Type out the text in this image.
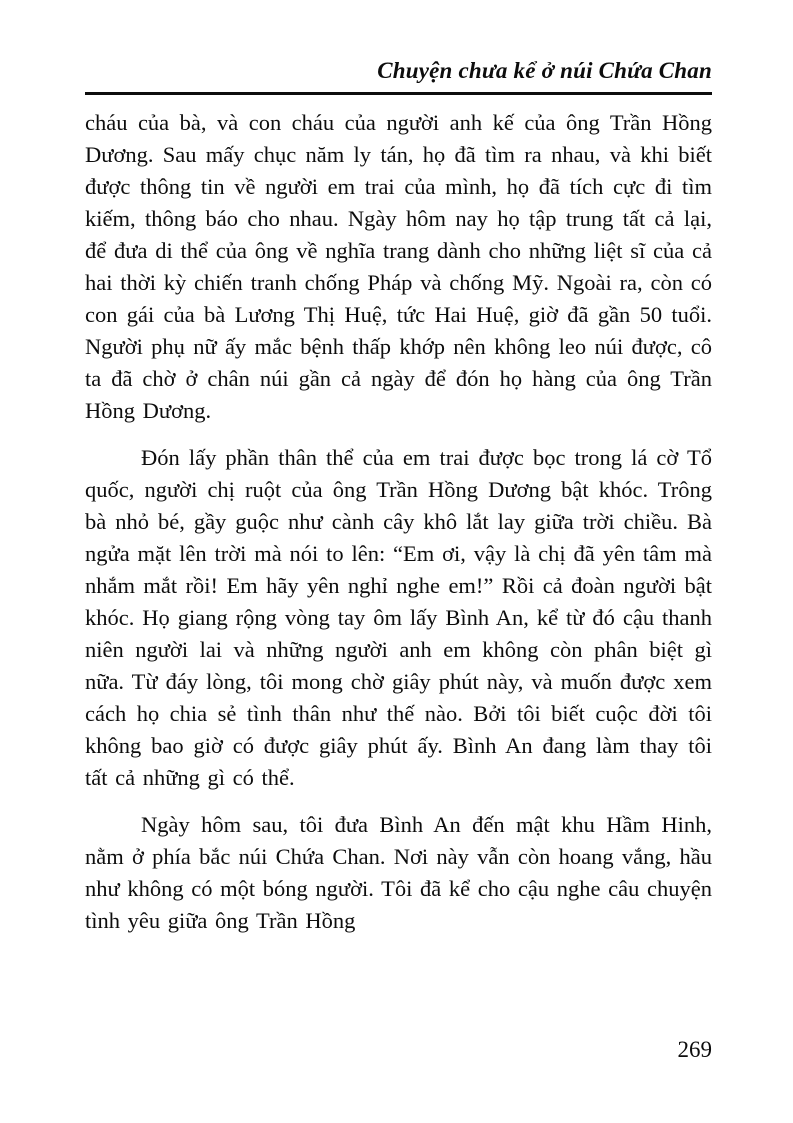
Chuyện chưa kể ở núi Chứa Chan

cháu của bà, và con cháu của người anh kế của ông Trần Hồng Dương. Sau mấy chục năm ly tán, họ đã tìm ra nhau, và khi biết được thông tin về người em trai của mình, họ đã tích cực đi tìm kiếm, thông báo cho nhau. Ngày hôm nay họ tập trung tất cả lại, để đưa di thể của ông về nghĩa trang dành cho những liệt sĩ của cả hai thời kỳ chiến tranh chống Pháp và chống Mỹ. Ngoài ra, còn có con gái của bà Lương Thị Huệ, tức Hai Huệ, giờ đã gần 50 tuổi. Người phụ nữ ấy mắc bệnh thấp khớp nên không leo núi được, cô ta đã chờ ở chân núi gần cả ngày để đón họ hàng của ông Trần Hồng Dương.

Đón lấy phần thân thể của em trai được bọc trong lá cờ Tổ quốc, người chị ruột của ông Trần Hồng Dương bật khóc. Trông bà nhỏ bé, gầy guộc như cành cây khô lắt lay giữa trời chiều. Bà ngửa mặt lên trời mà nói to lên: “Em ơi, vậy là chị đã yên tâm mà nhắm mắt rồi! Em hãy yên nghỉ nghe em!” Rồi cả đoàn người bật khóc. Họ giang rộng vòng tay ôm lấy Bình An, kể từ đó cậu thanh niên người lai và những người anh em không còn phân biệt gì nữa. Từ đáy lòng, tôi mong chờ giây phút này, và muốn được xem cách họ chia sẻ tình thân như thế nào. Bởi tôi biết cuộc đời tôi không bao giờ có được giây phút ấy. Bình An đang làm thay tôi tất cả những gì có thể.

Ngày hôm sau, tôi đưa Bình An đến mật khu Hầm Hinh, nằm ở phía bắc núi Chứa Chan. Nơi này vẫn còn hoang vắng, hầu như không có một bóng người. Tôi đã kể cho cậu nghe câu chuyện tình yêu giữa ông Trần Hồng

269
